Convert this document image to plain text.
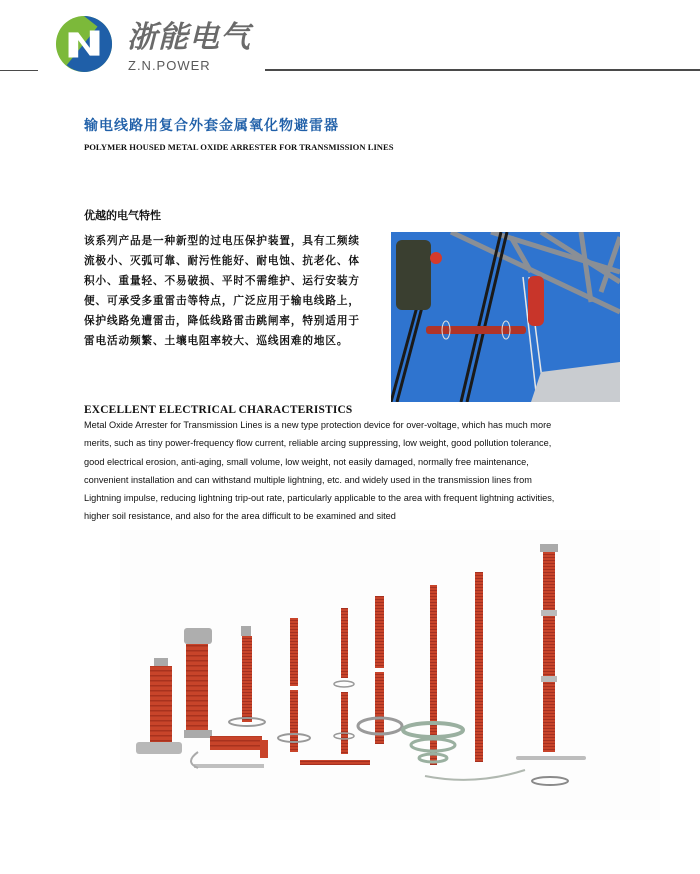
浙能电气
Z.N.POWER
输电线路用复合外套金属氧化物避雷器
POLYMER HOUSED METAL OXIDE ARRESTER FOR TRANSMISSION LINES
优越的电气特性
该系列产品是一种新型的过电压保护装置，具有工频续
流极小、灭弧可靠、耐污性能好、耐电蚀、抗老化、体
积小、重量轻、不易破损、平时不需维护、运行安装方
便、可承受多重雷击等特点，广泛应用于输电线路上，
保护线路免遭雷击，降低线路雷击跳闸率，特别适用于
雷电活动频繁、土壤电阻率较大、巡线困难的地区。
EXCELLENT ELECTRICAL CHARACTERISTICS
Metal Oxide Arrester for Transmission Lines is a new type protection device for over-voltage, which has much more
merits, such as tiny power-frequency flow current, reliable arcing suppressing, low weight, good pollution tolerance,
good electrical erosion, anti-aging, small volume, low weight, not easily damaged, normally free maintenance,
convenient installation and can withstand multiple lightning, etc. and widely used in the transmission lines from
Lightning impulse, reducing lightning trip-out rate, particularly applicable to the area with frequent lightning activities,
higher soil resistance, and also for the area difficult to be examined and sited
